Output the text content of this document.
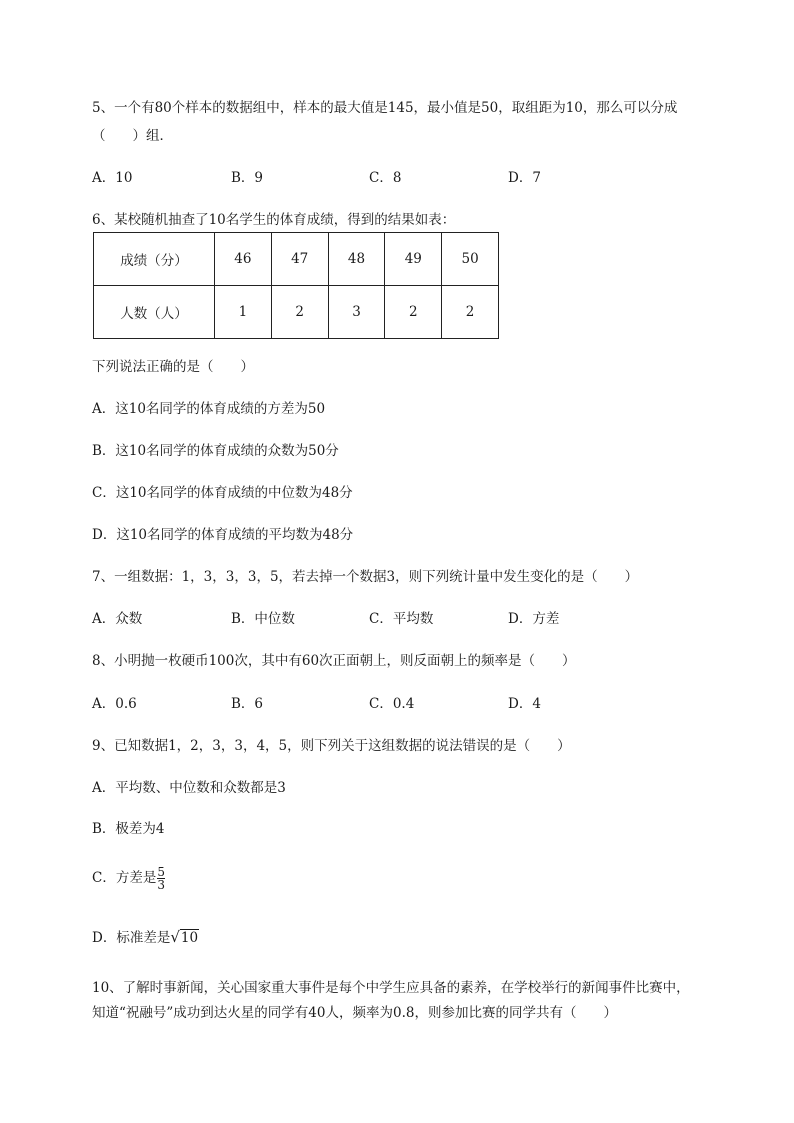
5、一个有80个样本的数据组中，样本的最大值是145，最小值是50，取组距为10，那么可以分成
（　　）组．
A．10	B．9	C．8	D．7
6、某校随机抽查了10名学生的体育成绩，得到的结果如表：
成绩（分）	46	47	48	49	50
人数（人）	1	2	3	2	2
下列说法正确的是（　　）
A．这10名同学的体育成绩的方差为50
B．这10名同学的体育成绩的众数为50分
C．这10名同学的体育成绩的中位数为48分
D．这10名同学的体育成绩的平均数为48分
7、一组数据：1，3，3，3，5，若去掉一个数据3，则下列统计量中发生变化的是（　　）
A．众数	B．中位数	C．平均数	D．方差
8、小明抛一枚硬币100次，其中有60次正面朝上，则反面朝上的频率是（　　）
A．0.6	B．6	C．0.4	D．4
9、已知数据1，2，3，3，4，5，则下列关于这组数据的说法错误的是（　　）
A．平均数、中位数和众数都是3
B．极差为4
C．方差是 $\frac{5}{3}$
D．标准差是√10
10、了解时事新闻，关心国家重大事件是每个中学生应具备的素养，在学校举行的新闻事件比赛中，
知道“祝融号”成功到达火星的同学有40人，频率为0.8，则参加比赛的同学共有（　　）
